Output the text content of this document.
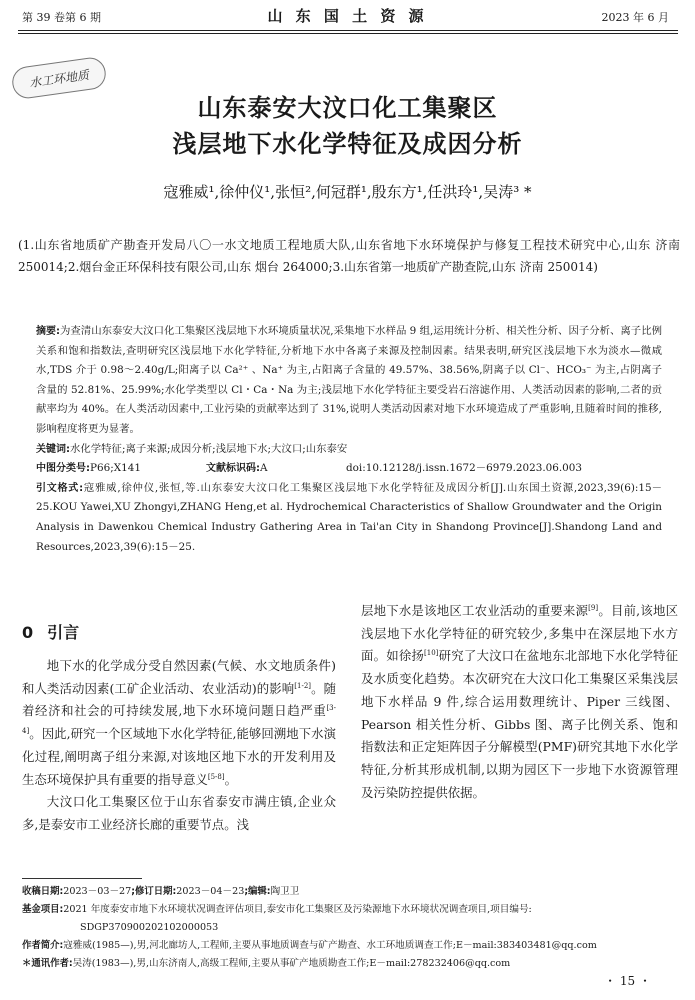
第 39 卷第 6 期	山 东 国 土 资 源	2023 年 6 月
水工环地质
山东泰安大汶口化工集聚区
浅层地下水化学特征及成因分析
寇雅威¹,徐仲仪¹,张恒²,何冠群¹,殷东方¹,任洪玲¹,吴涛³ *
(1.山东省地质矿产勘查开发局八〇一水文地质工程地质大队,山东省地下水环境保护与修复工程技术研究中心,山东 济南 250014;2.烟台金正环保科技有限公司,山东 烟台 264000;3.山东省第一地质矿产勘查院,山东 济南 250014)

摘要:为查清山东泰安大汶口化工集聚区浅层地下水环境质量状况,采集地下水样品 9 组,运用统计分析、相关性分析、因子分析、离子比例关系和饱和指数法,查明研究区浅层地下水化学特征,分析地下水中各离子来源及控制因素。结果表明,研究区浅层地下水为淡水—微咸水,TDS 介于 0.98～2.40g/L;阳离子以 Ca²⁺ 、Na⁺ 为主,占阳离子含量的 49.57%、38.56%,阴离子以 Cl⁻、HCO₃⁻ 为主,占阴离子含量的 52.81%、25.99%;水化学类型以 Cl・Ca・Na 为主;浅层地下水化学特征主要受岩石溶滤作用、人类活动因素的影响,二者的贡献率均为 40%。在人类活动因素中,工业污染的贡献率达到了 31%,说明人类活动因素对地下水环境造成了严重影响,且随着时间的推移,影响程度将更为显著。

关键词:水化学特征;离子来源;成因分析;浅层地下水;大汶口;山东泰安

中图分类号:P66;X141	文献标识码:A	doi:10.12128/j.issn.1672－6979.2023.06.003

引文格式:寇雅威,徐仲仪,张恒,等.山东泰安大汶口化工集聚区浅层地下水化学特征及成因分析[J].山东国土资源,2023,39(6):15－25.KOU Yawei,XU Zhongyi,ZHANG Heng,et al. Hydrochemical Characteristics of Shallow Groundwater and the Origin Analysis in Dawenkou Chemical Industry Gathering Area in Tai'an City in Shandong Province[J].Shandong Land and Resources,2023,39(6):15－25.

0 引言

地下水的化学成分受自然因素(气候、水文地质条件)和人类活动因素(工矿企业活动、农业活动)的影响[1-2]。随着经济和社会的可持续发展,地下水环境问题日趋严重[3-4]。因此,研究一个区域地下水化学特征,能够回溯地下水演化过程,阐明离子组分来源,对该地区地下水的开发利用及生态环境保护具有重要的指导意义[5-8]。

大汶口化工集聚区位于山东省泰安市满庄镇,企业众多,是泰安市工业经济长廊的重要节点。浅

层地下水是该地区工农业活动的重要来源[9]。目前,该地区浅层地下水化学特征的研究较少,多集中在深层地下水方面。如徐扬[10]研究了大汶口在盆地东北部地下水化学特征及水质变化趋势。本次研究在大汶口化工集聚区采集浅层地下水样品 9 件,综合运用数理统计、Piper 三线图、Pearson 相关性分析、Gibbs 图、离子比例关系、饱和指数法和正定矩阵因子分解模型(PMF)研究其地下水化学特征,分析其形成机制,以期为园区下一步地下水资源管理及污染防控提供依据。

收稿日期:2023－03－27;修订日期:2023－04－23;编辑:陶卫卫

基金项目:2021 年度泰安市地下水环境状况调查评估项目,泰安市化工集聚区及污染源地下水环境状况调查项目,项目编号:

SDGP370900202102000053

作者简介:寇雅威(1985—),男,河北廊坊人,工程师,主要从事地质调查与矿产勘查、水工环地质调查工作;E－mail:383403481@qq.com

＊通讯作者:吴涛(1983—),男,山东济南人,高级工程师,主要从事矿产地质勘查工作;E－mail:278232406@qq.com

・ 15 ・
